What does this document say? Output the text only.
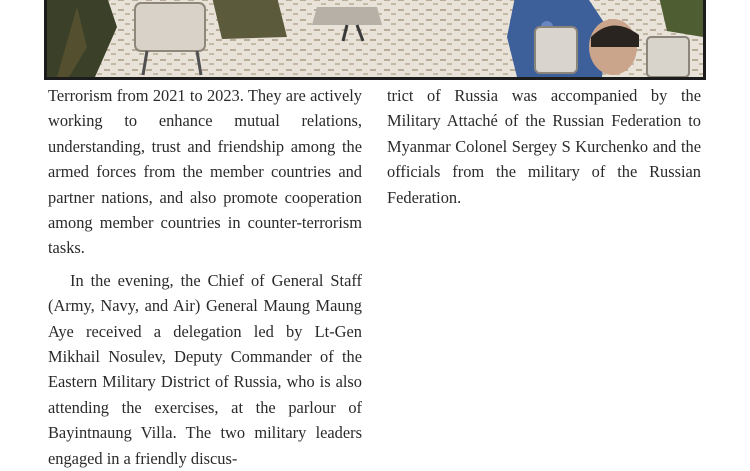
Terrorism from 2021 to 2023. They are actively working to enhance mutual relations, understanding, trust and friendship among the armed forces from the member countries and partner nations, and also promote cooperation among member countries in counter-terrorism tasks.

In the evening, the Chief of General Staff (Army, Navy, and Air) General Maung Maung Aye received a delegation led by Lt-Gen Mikhail Nosulev, Deputy Commander of the Eastern Military District of Russia, who is also attending the exercises, at the parlour of Bayintnaung Villa. The two military leaders engaged in a friendly discus-

trict of Russia was accompanied by the Military Attaché of the Russian Federation to Myanmar Colonel Sergey S Kurchenko and the officials from the military of the Russian Federation.
